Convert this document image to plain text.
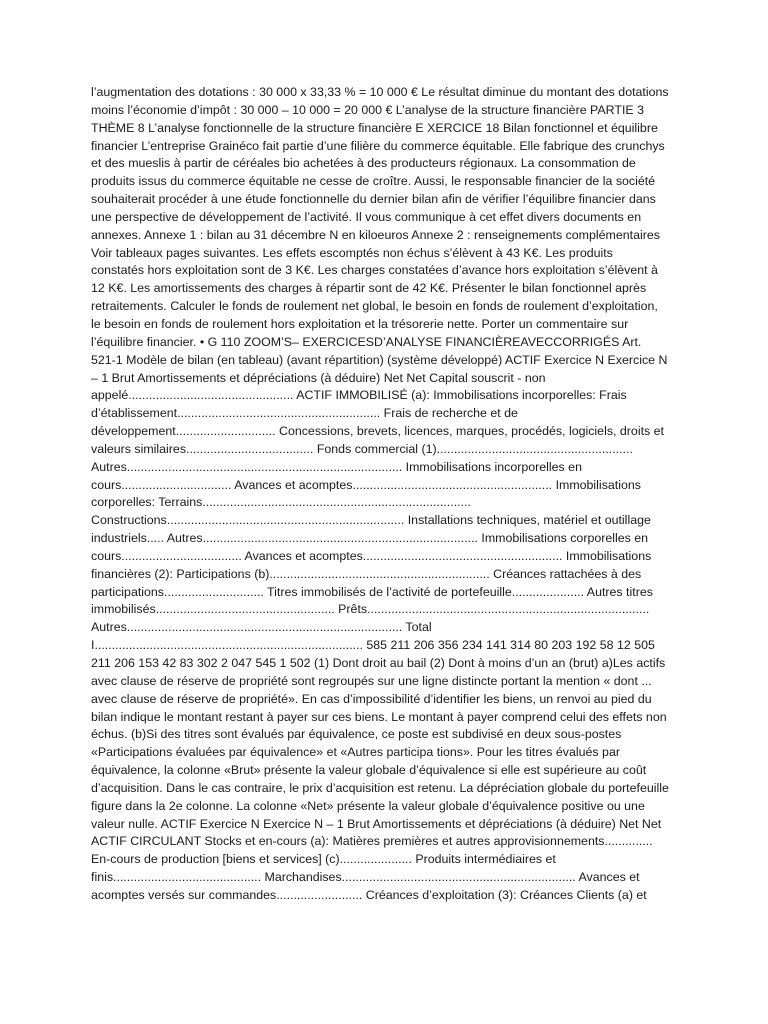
l’augmentation des dotations : 30 000 x 33,33 % = 10 000 € Le résultat diminue du montant des dotations moins l’économie d’impôt : 30 000 – 10 000 = 20 000 € L’analyse de la structure financière PARTIE 3 THÈME 8 L’analyse fonctionnelle de la structure financière E XERCICE 18 Bilan fonctionnel et équilibre financier L’entreprise Grainéco fait partie d’une filière du commerce équitable. Elle fabrique des crunchys et des mueslis à partir de céréales bio achetées à des producteurs régionaux. La consommation de produits issus du commerce équitable ne cesse de croître. Aussi, le responsable financier de la société souhaiterait procéder à une étude fonctionnelle du dernier bilan afin de vérifier l’équilibre financier dans une perspective de développement de l’activité. Il vous communique à cet effet divers documents en annexes. Annexe 1 : bilan au 31 décembre N en kiloeuros Annexe 2 : renseignements complémentaires Voir tableaux pages suivantes. Les effets escomptés non échus s’élèvent à 43 K€. Les produits constatés hors exploitation sont de 3 K€. Les charges constatées d’avance hors exploitation s’élèvent à 12 K€. Les amortissements des charges à répartir sont de 42 K€. Présenter le bilan fonctionnel après retraitements. Calculer le fonds de roulement net global, le besoin en fonds de roulement d’exploitation, le besoin en fonds de roulement hors exploitation et la trésorerie nette. Porter un commentaire sur l’équilibre financier. • G 110 ZOOM’S– EXERCICESD’ANALYSE FINANCIÈREAVECCORRIGÉS Art. 521-1 Modèle de bilan (en tableau) (avant répartition) (système développé) ACTIF Exercice N Exercice N – 1 Brut Amortissements et dépréciations (à déduire) Net Net Capital souscrit - non appelé................................................ ACTIF IMMOBILISÉ (a): Immobilisations incorporelles: Frais d’établissement........................................................... Frais de recherche et de développement............................. Concessions, brevets, licences, marques, procédés, logiciels, droits et valeurs similaires..................................... Fonds commercial (1)......................................................... Autres................................................................................ Immobilisations incorporelles en cours................................ Avances et acomptes.......................................................... Immobilisations corporelles: Terrains.............................................................................. Constructions..................................................................... Installations techniques, matériel et outillage industriels..... Autres................................................................................ Immobilisations corporelles en cours................................... Avances et acomptes.......................................................... Immobilisations financières (2): Participations (b)................................................................ Créances rattachées à des participations............................. Titres immobilisés de l’activité de portefeuille..................... Autres titres immobilisés.................................................... Prêts.................................................................................. Autres................................................................................ Total I.............................................................................. 585 211 206 356 234 141 314 80 203 192 58 12 505 211 206 153 42 83 302 2 047 545 1 502 (1) Dont droit au bail (2) Dont à moins d’un an (brut) a)Les actifs avec clause de réserve de propriété sont regroupés sur une ligne distincte portant la mention « dont ... avec clause de réserve de propriété». En cas d’impossibilité d’identifier les biens, un renvoi au pied du bilan indique le montant restant à payer sur ces biens. Le montant à payer comprend celui des effets non échus. (b)Si des titres sont évalués par équivalence, ce poste est subdivisé en deux sous-postes «Participations évaluées par équivalence» et «Autres participa tions». Pour les titres évalués par équivalence, la colonne «Brut» présente la valeur globale d’équivalence si elle est supérieure au coût d’acquisition. Dans le cas contraire, le prix d’acquisition est retenu. La dépréciation globale du portefeuille figure dans la 2e colonne. La colonne «Net» présente la valeur globale d’équivalence positive ou une valeur nulle. ACTIF Exercice N Exercice N – 1 Brut Amortissements et dépréciations (à déduire) Net Net ACTIF CIRCULANT Stocks et en-cours (a): Matières premières et autres approvisionnements.............. En-cours de production [biens et services] (c)..................... Produits intermédiaires et finis........................................... Marchandises.................................................................... Avances et acomptes versés sur commandes......................... Créances d’exploitation (3): Créances Clients (a) et
